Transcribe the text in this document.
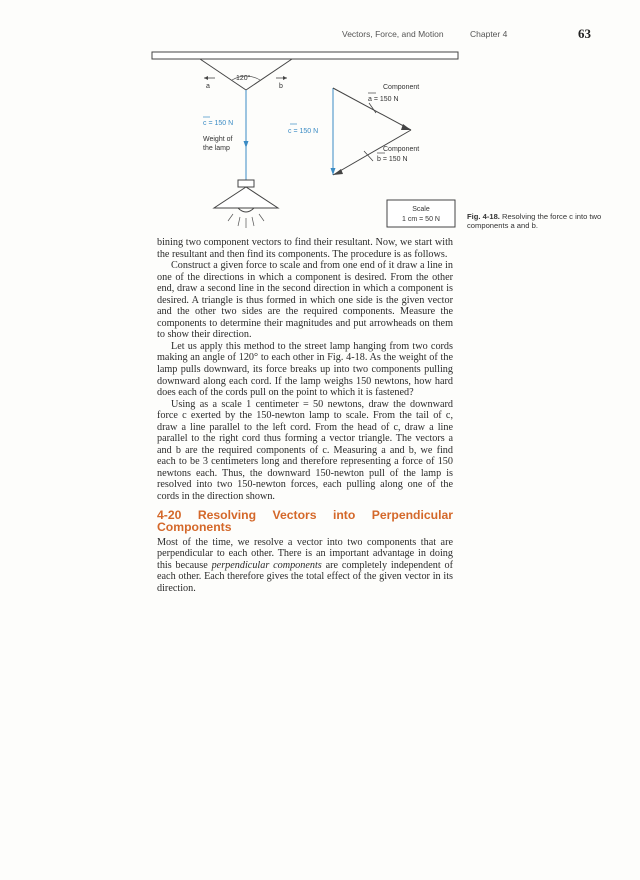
Vectors, Force, and Motion	Chapter 4	63
120°
a	b
c = 150 N
Weight of
the lamp
c = 150 N
Component
a = 150 N
Component
b = 150 N
Scale
1 cm = 50 N	Fig. 4-18. Resolving the force c into two components a and b.

bining two component vectors to find their resultant. Now, we start with the resultant and then find its components. The procedure is as follows.

Construct a given force to scale and from one end of it draw a line in one of the directions in which a component is desired. From the other end, draw a second line in the second direction in which a component is desired. A triangle is thus formed in which one side is the given vector and the other two sides are the required components. Measure the components to determine their magnitudes and put arrowheads on them to show their direction.

Let us apply this method to the street lamp hanging from two cords making an angle of 120° to each other in Fig. 4-18. As the weight of the lamp pulls downward, its force breaks up into two components pulling downward along each cord. If the lamp weighs 150 newtons, how hard does each of the cords pull on the point to which it is fastened?

Using as a scale 1 centimeter = 50 newtons, draw the downward force c exerted by the 150-newton lamp to scale. From the tail of c, draw a line parallel to the left cord. From the head of c, draw a line parallel to the right cord thus forming a vector triangle. The vectors a and b are the required components of c. Measuring a and b, we find each to be 3 centimeters long and therefore representing a force of 150 newtons each. Thus, the downward 150-newton pull of the lamp is resolved into two 150-newton forces, each pulling along one of the cords in the direction shown.

4-20 Resolving Vectors into Perpendicular Components

Most of the time, we resolve a vector into two components that are perpendicular to each other. There is an important advantage in doing this because perpendicular components are completely independent of each other. Each therefore gives the total effect of the given vector in its direction.
